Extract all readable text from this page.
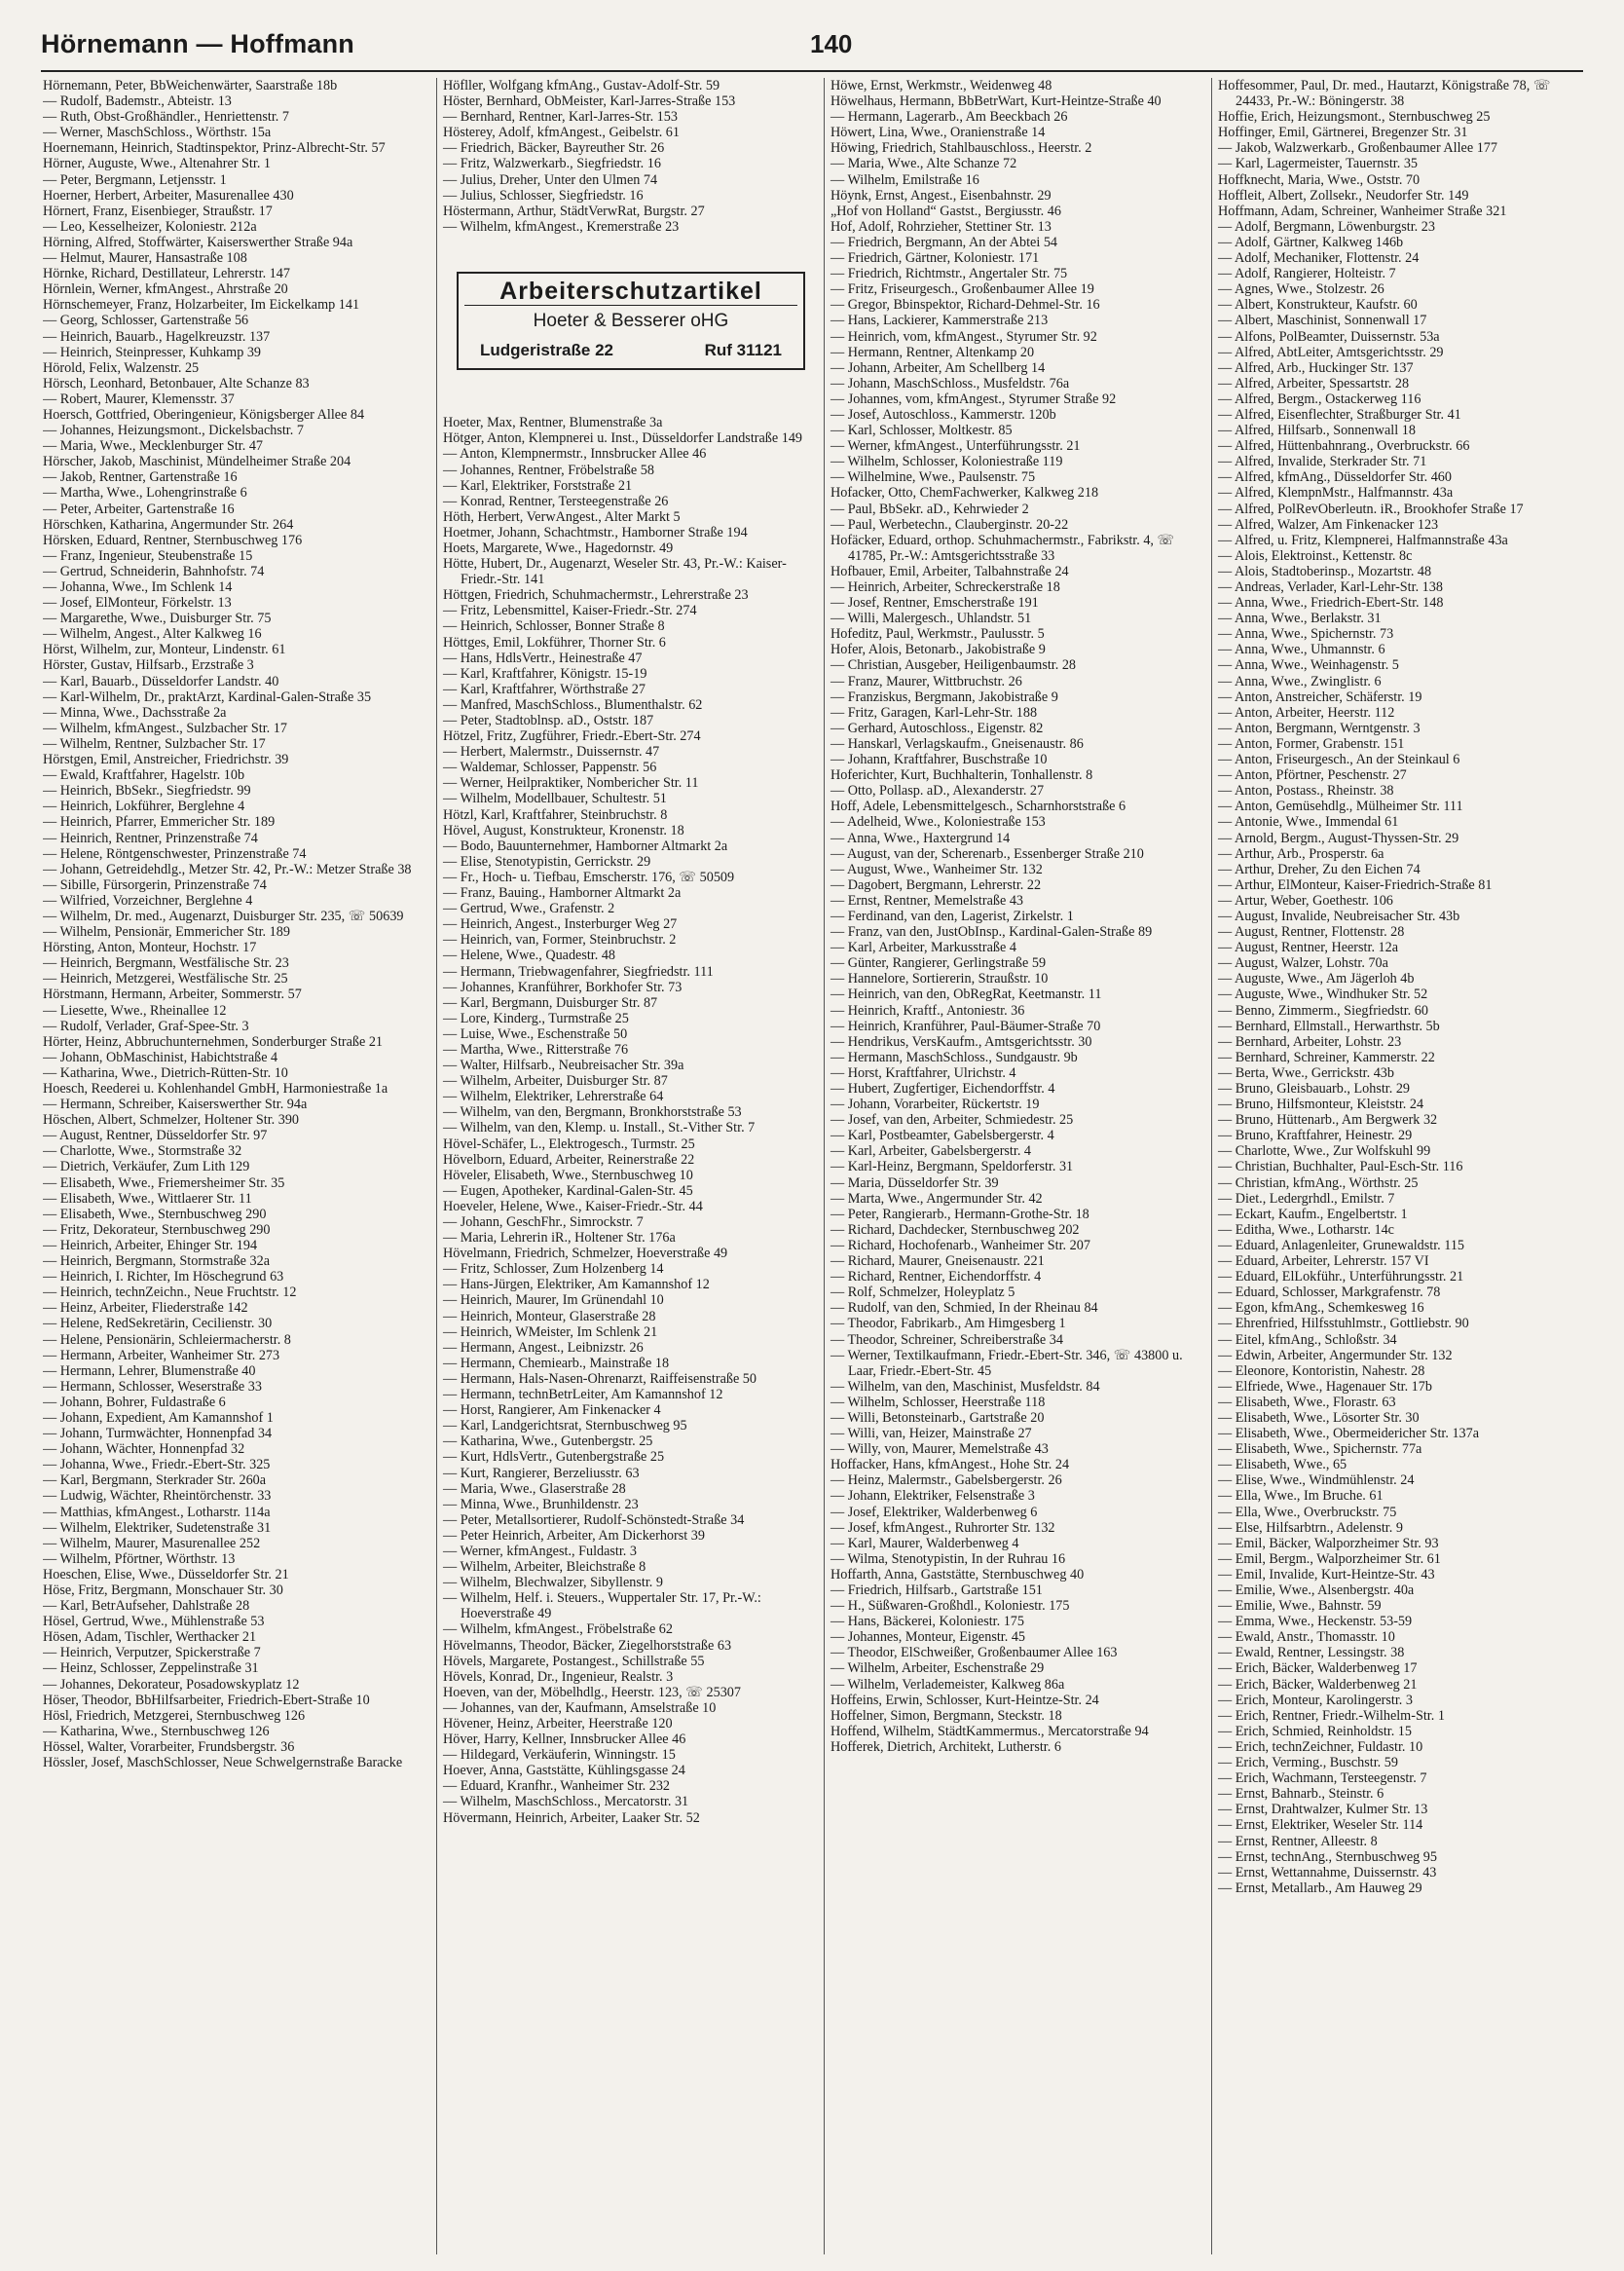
Hörnemann — Hoffmann	140
Hörnemann, Peter, BbWeichenwärter, Saarstraße 18b
— Rudolf, Bademstr., Abteistr. 13
— Ruth, Obst-Großhändler., Henriettenstr. 7
— Werner, MaschSchloss., Wörthstr. 15a
Hoernemann, Heinrich, Stadtinspektor, Prinz-Albrecht-Str. 57
Hörner, Auguste, Wwe., Altenahrer Str. 1
— Peter, Bergmann, Letjensstr. 1
Hoerner, Herbert, Arbeiter, Masurenallee 430
Hörnert, Franz, Eisenbieger, Straußstr. 17
— Leo, Kesselheizer, Koloniestr. 212a
Hörning, Alfred, Stoffwärter, Kaiserswerther Straße 94a
— Helmut, Maurer, Hansastraße 108
Hörnke, Richard, Destillateur, Lehrerstr. 147
Hörnlein, Werner, kfmAngest., Ahrstraße 20
Hörnschemeyer, Franz, Holzarbeiter, Im Eickelkamp 141
— Georg, Schlosser, Gartenstraße 56
— Heinrich, Bauarb., Hagelkreuzstr. 137
— Heinrich, Steinpresser, Kuhkamp 39
Hörold, Felix, Walzenstr. 25
Hörsch, Leonhard, Betonbauer, Alte Schanze 83
— Robert, Maurer, Klemensstr. 37
Hoersch, Gottfried, Oberingenieur, Königsberger Allee 84
— Johannes, Heizungsmont., Dickelsbachstr. 7
— Maria, Wwe., Mecklenburger Str. 47
Hörscher, Jakob, Maschinist, Mündelheimer Straße 204
— Jakob, Rentner, Gartenstraße 16
— Martha, Wwe., Lohengrinstraße 6
— Peter, Arbeiter, Gartenstraße 16
Hörschken, Katharina, Angermunder Str. 264
Hörsken, Eduard, Rentner, Sternbuschweg 176
— Franz, Ingenieur, Steubenstraße 15
— Gertrud, Schneiderin, Bahnhofstr. 74
— Johanna, Wwe., Im Schlenk 14
— Josef, ElMonteur, Förkelstr. 13
— Margarethe, Wwe., Duisburger Str. 75
— Wilhelm, Angest., Alter Kalkweg 16
Hörst, Wilhelm, zur, Monteur, Lindenstr. 61
Hörster, Gustav, Hilfsarb., Erzstraße 3
— Karl, Bauarb., Düsseldorfer Landstr. 40
— Karl-Wilhelm, Dr., praktArzt, Kardinal-Galen-Straße 35
— Minna, Wwe., Dachsstraße 2a
— Wilhelm, kfmAngest., Sulzbacher Str. 17
— Wilhelm, Rentner, Sulzbacher Str. 17
Hörstgen, Emil, Anstreicher, Friedrichstr. 39
— Ewald, Kraftfahrer, Hagelstr. 10b
— Heinrich, BbSekr., Siegfriedstr. 99
— Heinrich, Lokführer, Berglehne 4
— Heinrich, Pfarrer, Emmericher Str. 189
— Heinrich, Rentner, Prinzenstraße 74
— Helene, Röntgenschwester, Prinzenstraße 74
— Johann, Getreidehdlg., Metzer Str. 42, Pr.-W.: Metzer Straße 38
— Sibille, Fürsorgerin, Prinzenstraße 74
— Wilfried, Vorzeichner, Berglehne 4
— Wilhelm, Dr. med., Augenarzt, Duisburger Str. 235, ☏ 50639
— Wilhelm, Pensionär, Emmericher Str. 189
Hörsting, Anton, Monteur, Hochstr. 17
— Heinrich, Bergmann, Westfälische Str. 23
— Heinrich, Metzgerei, Westfälische Str. 25
Hörstmann, Hermann, Arbeiter, Sommerstr. 57
— Liesette, Wwe., Rheinallee 12
— Rudolf, Verlader, Graf-Spee-Str. 3
Hörter, Heinz, Abbruchunternehmen, Sonderburger Straße 21
— Johann, ObMaschinist, Habichtstraße 4
— Katharina, Wwe., Dietrich-Rütten-Str. 10
Hoesch, Reederei u. Kohlenhandel GmbH, Harmoniestraße 1a
— Hermann, Schreiber, Kaiserswerther Str. 94a
Höschen, Albert, Schmelzer, Holtener Str. 390
— August, Rentner, Düsseldorfer Str. 97
— Charlotte, Wwe., Stormstraße 32
— Dietrich, Verkäufer, Zum Lith 129
— Elisabeth, Wwe., Friemersheimer Str. 35
— Elisabeth, Wwe., Wittlaerer Str. 11
— Elisabeth, Wwe., Sternbuschweg 290
— Fritz, Dekorateur, Sternbuschweg 290
— Heinrich, Arbeiter, Ehinger Str. 194
— Heinrich, Bergmann, Stormstraße 32a
— Heinrich, I. Richter, Im Höschegrund 63
— Heinrich, technZeichn., Neue Fruchtstr. 12
— Heinz, Arbeiter, Fliederstraße 142
— Helene, RedSekretärin, Cecilienstr. 30
— Helene, Pensionärin, Schleiermacherstr. 8
— Hermann, Arbeiter, Wanheimer Str. 273
— Hermann, Lehrer, Blumenstraße 40
— Hermann, Schlosser, Weserstraße 33
— Johann, Bohrer, Fuldastraße 6
— Johann, Expedient, Am Kamannshof 1
— Johann, Turmwächter, Honnenpfad 34
— Johann, Wächter, Honnenpfad 32
— Johanna, Wwe., Friedr.-Ebert-Str. 325
— Karl, Bergmann, Sterkrader Str. 260a
— Ludwig, Wächter, Rheintörchenstr. 33
— Matthias, kfmAngest., Lotharstr. 114a
— Wilhelm, Elektriker, Sudetenstraße 31
— Wilhelm, Maurer, Masurenallee 252
— Wilhelm, Pförtner, Wörthstr. 13
Hoeschen, Elise, Wwe., Düsseldorfer Str. 21
Höse, Fritz, Bergmann, Monschauer Str. 30
— Karl, BetrAufseher, Dahlstraße 28
Hösel, Gertrud, Wwe., Mühlenstraße 53
Hösen, Adam, Tischler, Werthacker 21
— Heinrich, Verputzer, Spickerstraße 7
— Heinz, Schlosser, Zeppelinstraße 31
— Johannes, Dekorateur, Posadowskyplatz 12
Höser, Theodor, BbHilfsarbeiter, Friedrich-Ebert-Straße 10
Hösl, Friedrich, Metzgerei, Sternbuschweg 126
— Katharina, Wwe., Sternbuschweg 126
Hössel, Walter, Vorarbeiter, Frundsbergstr. 36
Hössler, Josef, MaschSchlosser, Neue Schwelgernstraße Baracke
Höfller, Wolfgang kfmAng., Gustav-Adolf-Str. 59
Höster, Bernhard, ObMeister, Karl-Jarres-Straße 153
— Bernhard, Rentner, Karl-Jarres-Str. 153
Hösterey, Adolf, kfmAngest., Geibelstr. 61
— Friedrich, Bäcker, Bayreuther Str. 26
— Fritz, Walzwerkarb., Siegfriedstr. 16
— Julius, Dreher, Unter den Ulmen 74
— Julius, Schlosser, Siegfriedstr. 16
Höstermann, Arthur, StädtVerwRat, Burgstr. 27
— Wilhelm, kfmAngest., Kremerstraße 23
Arbeiterschutzartikel
Hoeter & Besserer oHG
Ludgeristraße 22	Ruf 31121
Hoeter, Max, Rentner, Blumenstraße 3a
Hötger, Anton, Klempnerei u. Inst., Düsseldorfer Landstraße 149
— Anton, Klempnermstr., Innsbrucker Allee 46
— Johannes, Rentner, Fröbelstraße 58
— Karl, Elektriker, Forststraße 21
— Konrad, Rentner, Tersteegenstraße 26
Höth, Herbert, VerwAngest., Alter Markt 5
Hoetmer, Johann, Schachtmstr., Hamborner Straße 194
Hoets, Margarete, Wwe., Hagedornstr. 49
Hötte, Hubert, Dr., Augenarzt, Weseler Str. 43, Pr.-W.: Kaiser-Friedr.-Str. 141
Höttgen, Friedrich, Schuhmachermstr., Lehrerstraße 23
— Fritz, Lebensmittel, Kaiser-Friedr.-Str. 274
— Heinrich, Schlosser, Bonner Straße 8
Höttges, Emil, Lokführer, Thorner Str. 6
— Hans, HdlsVertr., Heinestraße 47
— Karl, Kraftfahrer, Königstr. 15-19
— Karl, Kraftfahrer, Wörthstraße 27
— Manfred, MaschSchloss., Blumenthalstr. 62
— Peter, Stadtoblnsp. aD., Oststr. 187
Hötzel, Fritz, Zugführer, Friedr.-Ebert-Str. 274
— Herbert, Malermstr., Duissernstr. 47
— Waldemar, Schlosser, Pappenstr. 56
— Werner, Heilpraktiker, Nombericher Str. 11
— Wilhelm, Modellbauer, Schultestr. 51
Hötzl, Karl, Kraftfahrer, Steinbruchstr. 8
Hövel, August, Konstrukteur, Kronenstr. 18
— Bodo, Bauunternehmer, Hamborner Altmarkt 2a
— Elise, Stenotypistin, Gerrickstr. 29
— Fr., Hoch- u. Tiefbau, Emscherstr. 176, ☏ 50509
— Franz, Bauing., Hamborner Altmarkt 2a
— Gertrud, Wwe., Grafenstr. 2
— Heinrich, Angest., Insterburger Weg 27
— Heinrich, van, Former, Steinbruchstr. 2
— Helene, Wwe., Quadestr. 48
— Hermann, Triebwagenfahrer, Siegfriedstr. 111
— Johannes, Kranführer, Borkhofer Str. 73
— Karl, Bergmann, Duisburger Str. 87
— Lore, Kinderg., Turmstraße 25
— Luise, Wwe., Eschenstraße 50
— Martha, Wwe., Ritterstraße 76
— Walter, Hilfsarb., Neubreisacher Str. 39a
— Wilhelm, Arbeiter, Duisburger Str. 87
— Wilhelm, Elektriker, Lehrerstraße 64
— Wilhelm, van den, Bergmann, Bronkhorststraße 53
— Wilhelm, van den, Klemp. u. Install., St.-Vither Str. 7
Hövel-Schäfer, L., Elektrogesch., Turmstr. 25
Hövelborn, Eduard, Arbeiter, Reinerstraße 22
Höveler, Elisabeth, Wwe., Sternbuschweg 10
— Eugen, Apotheker, Kardinal-Galen-Str. 45
Hoeveler, Helene, Wwe., Kaiser-Friedr.-Str. 44
— Johann, GeschFhr., Simrockstr. 7
— Maria, Lehrerin iR., Holtener Str. 176a
Hövelmann, Friedrich, Schmelzer, Hoeverstraße 49
— Fritz, Schlosser, Zum Holzenberg 14
— Hans-Jürgen, Elektriker, Am Kamannshof 12
— Heinrich, Maurer, Im Grünendahl 10
— Heinrich, Monteur, Glaserstraße 28
— Heinrich, WMeister, Im Schlenk 21
— Hermann, Angest., Leibnizstr. 26
— Hermann, Chemiearb., Mainstraße 18
— Hermann, Hals-Nasen-Ohrenarzt, Raiffeisenstraße 50
— Hermann, technBetrLeiter, Am Kamannshof 12
— Horst, Rangierer, Am Finkenacker 4
— Karl, Landgerichtsrat, Sternbuschweg 95
— Katharina, Wwe., Gutenbergstr. 25
— Kurt, HdlsVertr., Gutenbergstraße 25
— Kurt, Rangierer, Berzeliusstr. 63
— Maria, Wwe., Glaserstraße 28
— Minna, Wwe., Brunhildenstr. 23
— Peter, Metallsortierer, Rudolf-Schönstedt-Straße 34
— Peter Heinrich, Arbeiter, Am Dickerhorst 39
— Werner, kfmAngest., Fuldastr. 3
— Wilhelm, Arbeiter, Bleichstraße 8
— Wilhelm, Blechwalzer, Sibyllenstr. 9
— Wilhelm, Helf. i. Steuers., Wuppertaler Str. 17, Pr.-W.: Hoeverstraße 49
— Wilhelm, kfmAngest., Fröbelstraße 62
Hövelmanns, Theodor, Bäcker, Ziegelhorststraße 63
Hövels, Margarete, Postangest., Schillstraße 55
Hövels, Konrad, Dr., Ingenieur, Realstr. 3
Hoeven, van der, Möbelhdlg., Heerstr. 123, ☏ 25307
— Johannes, van der, Kaufmann, Amselstraße 10
Hövener, Heinz, Arbeiter, Heerstraße 120
Höver, Harry, Kellner, Innsbrucker Allee 46
— Hildegard, Verkäuferin, Winningstr. 15
Hoever, Anna, Gaststätte, Kühlingsgasse 24
— Eduard, Kranfhr., Wanheimer Str. 232
— Wilhelm, MaschSchloss., Mercatorstr. 31
Hövermann, Heinrich, Arbeiter, Laaker Str. 52
Höwe, Ernst, Werkmstr., Weidenweg 48
Höwelhaus, Hermann, BbBetrWart, Kurt-Heintze-Straße 40
— Hermann, Lagerarb., Am Beeckbach 26
Höwert, Lina, Wwe., Oranienstraße 14
Höwing, Friedrich, Stahlbauschloss., Heerstr. 2
— Maria, Wwe., Alte Schanze 72
— Wilhelm, Emilstraße 16
Höynk, Ernst, Angest., Eisenbahnstr. 29
„Hof von Holland“ Gastst., Bergiusstr. 46
Hof, Adolf, Rohrzieher, Stettiner Str. 13
— Friedrich, Bergmann, An der Abtei 54
— Friedrich, Gärtner, Koloniestr. 171
— Friedrich, Richtmstr., Angertaler Str. 75
— Fritz, Friseurgesch., Großenbaumer Allee 19
— Gregor, Bbinspektor, Richard-Dehmel-Str. 16
— Hans, Lackierer, Kammerstraße 213
— Heinrich, vom, kfmAngest., Styrumer Str. 92
— Hermann, Rentner, Altenkamp 20
— Johann, Arbeiter, Am Schellberg 14
— Johann, MaschSchloss., Musfeldstr. 76a
— Johannes, vom, kfmAngest., Styrumer Straße 92
— Josef, Autoschloss., Kammerstr. 120b
— Karl, Schlosser, Moltkestr. 85
— Werner, kfmAngest., Unterführungsstr. 21
— Wilhelm, Schlosser, Koloniestraße 119
— Wilhelmine, Wwe., Paulsenstr. 75
Hofacker, Otto, ChemFachwerker, Kalkweg 218
— Paul, BbSekr. aD., Kehrwieder 2
— Paul, Werbetechn., Clauberginstr. 20-22
Hofäcker, Eduard, orthop. Schuhmachermstr., Fabrikstr. 4, ☏ 41785, Pr.-W.: Amtsgerichtsstraße 33
Hofbauer, Emil, Arbeiter, Talbahnstraße 24
— Heinrich, Arbeiter, Schreckerstraße 18
— Josef, Rentner, Emscherstraße 191
— Willi, Malergesch., Uhlandstr. 51
Hofeditz, Paul, Werkmstr., Paulusstr. 5
Hofer, Alois, Betonarb., Jakobistraße 9
— Christian, Ausgeber, Heiligenbaumstr. 28
— Franz, Maurer, Wittbruchstr. 26
— Franziskus, Bergmann, Jakobistraße 9
— Fritz, Garagen, Karl-Lehr-Str. 188
— Gerhard, Autoschloss., Eigenstr. 82
— Hanskarl, Verlagskaufm., Gneisenaustr. 86
— Johann, Kraftfahrer, Buschstraße 10
Hoferichter, Kurt, Buchhalterin, Tonhallenstr. 8
— Otto, Pollasp. aD., Alexanderstr. 27
Hoff, Adele, Lebensmittelgesch., Scharnhorststraße 6
— Adelheid, Wwe., Koloniestraße 153
— Anna, Wwe., Haxtergrund 14
— August, van der, Scherenarb., Essenberger Straße 210
— August, Wwe., Wanheimer Str. 132
— Dagobert, Bergmann, Lehrerstr. 22
— Ernst, Rentner, Memelstraße 43
— Ferdinand, van den, Lagerist, Zirkelstr. 1
— Franz, van den, JustObInsp., Kardinal-Galen-Straße 89
— Karl, Arbeiter, Markusstraße 4
— Günter, Rangierer, Gerlingstraße 59
— Hannelore, Sortiererin, Straußstr. 10
— Heinrich, van den, ObRegRat, Keetmanstr. 11
— Heinrich, Kraftf., Antoniestr. 36
— Heinrich, Kranführer, Paul-Bäumer-Straße 70
— Hendrikus, VersKaufm., Amtsgerichtsstr. 30
— Hermann, MaschSchloss., Sundgaustr. 9b
— Horst, Kraftfahrer, Ulrichstr. 4
— Hubert, Zugfertiger, Eichendorffstr. 4
— Johann, Vorarbeiter, Rückertstr. 19
— Josef, van den, Arbeiter, Schmiedestr. 25
— Karl, Postbeamter, Gabelsbergerstr. 4
— Karl, Arbeiter, Gabelsbergerstr. 4
— Karl-Heinz, Bergmann, Speldorferstr. 31
— Maria, Düsseldorfer Str. 39
— Marta, Wwe., Angermunder Str. 42
— Peter, Rangierarb., Hermann-Grothe-Str. 18
— Richard, Dachdecker, Sternbuschweg 202
— Richard, Hochofenarb., Wanheimer Str. 207
— Richard, Maurer, Gneisenaustr. 221
— Richard, Rentner, Eichendorffstr. 4
— Rolf, Schmelzer, Holeyplatz 5
— Rudolf, van den, Schmied, In der Rheinau 84
— Theodor, Fabrikarb., Am Himgesberg 1
— Theodor, Schreiner, Schreiberstraße 34
— Werner, Textilkaufmann, Friedr.-Ebert-Str. 346, ☏ 43800 u. Laar, Friedr.-Ebert-Str. 45
— Wilhelm, van den, Maschinist, Musfeldstr. 84
— Wilhelm, Schlosser, Heerstraße 118
— Willi, Betonsteinarb., Gartstraße 20
— Willi, van, Heizer, Mainstraße 27
— Willy, von, Maurer, Memelstraße 43
Hoffacker, Hans, kfmAngest., Hohe Str. 24
— Heinz, Malermstr., Gabelsbergerstr. 26
— Johann, Elektriker, Felsenstraße 3
— Josef, Elektriker, Walderbenweg 6
— Josef, kfmAngest., Ruhrorter Str. 132
— Karl, Maurer, Walderbenweg 4
— Wilma, Stenotypistin, In der Ruhrau 16
Hoffarth, Anna, Gaststätte, Sternbuschweg 40
— Friedrich, Hilfsarb., Gartstraße 151
— H., Süßwaren-Großhdl., Koloniestr. 175
— Hans, Bäckerei, Koloniestr. 175
— Johannes, Monteur, Eigenstr. 45
— Theodor, ElSchweißer, Großenbaumer Allee 163
— Wilhelm, Arbeiter, Eschenstraße 29
— Wilhelm, Verlademeister, Kalkweg 86a
Hoffeins, Erwin, Schlosser, Kurt-Heintze-Str. 24
Hoffelner, Simon, Bergmann, Steckstr. 18
Hoffend, Wilhelm, StädtKammermus., Mercatorstraße 94
Hofferek, Dietrich, Architekt, Lutherstr. 6
Hoffesommer, Paul, Dr. med., Hautarzt, Königstraße 78, ☏ 24433, Pr.-W.: Böningerstr. 38
Hoffie, Erich, Heizungsmont., Sternbuschweg 25
Hoffinger, Emil, Gärtnerei, Bregenzer Str. 31
— Jakob, Walzwerkarb., Großenbaumer Allee 177
— Karl, Lagermeister, Tauernstr. 35
Hoffknecht, Maria, Wwe., Oststr. 70
Hoffleit, Albert, Zollsekr., Neudorfer Str. 149
Hoffmann, Adam, Schreiner, Wanheimer Straße 321
— Adolf, Bergmann, Löwenburgstr. 23
— Adolf, Gärtner, Kalkweg 146b
— Adolf, Mechaniker, Flottenstr. 24
— Adolf, Rangierer, Holteistr. 7
— Agnes, Wwe., Stolzestr. 26
— Albert, Konstrukteur, Kaufstr. 60
— Albert, Maschinist, Sonnenwall 17
— Alfons, PolBeamter, Duissernstr. 53a
— Alfred, AbtLeiter, Amtsgerichtsstr. 29
— Alfred, Arb., Huckinger Str. 137
— Alfred, Arbeiter, Spessartstr. 28
— Alfred, Bergm., Ostackerweg 116
— Alfred, Eisenflechter, Straßburger Str. 41
— Alfred, Hilfsarb., Sonnenwall 18
— Alfred, Hüttenbahnrang., Overbruckstr. 66
— Alfred, Invalide, Sterkrader Str. 71
— Alfred, kfmAng., Düsseldorfer Str. 460
— Alfred, KlempnMstr., Halfmannstr. 43a
— Alfred, PolRevOberleutn. iR., Brookhofer Straße 17
— Alfred, Walzer, Am Finkenacker 123
— Alfred, u. Fritz, Klempnerei, Halfmannstraße 43a
— Alois, Elektroinst., Kettenstr. 8c
— Alois, Stadtoberinsp., Mozartstr. 48
— Andreas, Verlader, Karl-Lehr-Str. 138
— Anna, Wwe., Friedrich-Ebert-Str. 148
— Anna, Wwe., Berlakstr. 31
— Anna, Wwe., Spichernstr. 73
— Anna, Wwe., Uhmannstr. 6
— Anna, Wwe., Weinhagenstr. 5
— Anna, Wwe., Zwinglistr. 6
— Anton, Anstreicher, Schäferstr. 19
— Anton, Arbeiter, Heerstr. 112
— Anton, Bergmann, Werntgenstr. 3
— Anton, Former, Grabenstr. 151
— Anton, Friseurgesch., An der Steinkaul 6
— Anton, Pförtner, Peschenstr. 27
— Anton, Postass., Rheinstr. 38
— Anton, Gemüsehdlg., Mülheimer Str. 111
— Antonie, Wwe., Immendal 61
— Arnold, Bergm., August-Thyssen-Str. 29
— Arthur, Arb., Prosperstr. 6a
— Arthur, Dreher, Zu den Eichen 74
— Arthur, ElMonteur, Kaiser-Friedrich-Straße 81
— Artur, Weber, Goethestr. 106
— August, Invalide, Neubreisacher Str. 43b
— August, Rentner, Flottenstr. 28
— August, Rentner, Heerstr. 12a
— August, Walzer, Lohstr. 70a
— Auguste, Wwe., Am Jägerloh 4b
— Auguste, Wwe., Windhuker Str. 52
— Benno, Zimmerm., Siegfriedstr. 60
— Bernhard, Ellmstall., Herwarthstr. 5b
— Bernhard, Arbeiter, Lohstr. 23
— Bernhard, Schreiner, Kammerstr. 22
— Berta, Wwe., Gerrickstr. 43b
— Bruno, Gleisbauarb., Lohstr. 29
— Bruno, Hilfsmonteur, Kleiststr. 24
— Bruno, Hüttenarb., Am Bergwerk 32
— Bruno, Kraftfahrer, Heinestr. 29
— Charlotte, Wwe., Zur Wolfskuhl 99
— Christian, Buchhalter, Paul-Esch-Str. 116
— Christian, kfmAng., Wörthstr. 25
— Diet., Ledergrhdl., Emilstr. 7
— Eckart, Kaufm., Engelbertstr. 1
— Editha, Wwe., Lotharstr. 14c
— Eduard, Anlagenleiter, Grunewaldstr. 115
— Eduard, Arbeiter, Lehrerstr. 157 VI
— Eduard, ElLokführ., Unterführungsstr. 21
— Eduard, Schlosser, Markgrafenstr. 78
— Egon, kfmAng., Schemkesweg 16
— Ehrenfried, Hilfsstuhlmstr., Gottliebstr. 90
— Eitel, kfmAng., Schloßstr. 34
— Edwin, Arbeiter, Angermunder Str. 132
— Eleonore, Kontoristin, Nahestr. 28
— Elfriede, Wwe., Hagenauer Str. 17b
— Elisabeth, Wwe., Florastr. 63
— Elisabeth, Wwe., Lösorter Str. 30
— Elisabeth, Wwe., Obermeidericher Str. 137a
— Elisabeth, Wwe., Spichernstr. 77a
— Elisabeth, Wwe., 65
— Elise, Wwe., Windmühlenstr. 24
— Ella, Wwe., Im Bruche. 61
— Ella, Wwe., Overbruckstr. 75
— Else, Hilfsarbtrn., Adelenstr. 9
— Emil, Bäcker, Walporzheimer Str. 93
— Emil, Bergm., Walporzheimer Str. 61
— Emil, Invalide, Kurt-Heintze-Str. 43
— Emilie, Wwe., Alsenbergstr. 40a
— Emilie, Wwe., Bahnstr. 59
— Emma, Wwe., Heckenstr. 53-59
— Ewald, Anstr., Thomasstr. 10
— Ewald, Rentner, Lessingstr. 38
— Erich, Bäcker, Walderbenweg 17
— Erich, Bäcker, Walderbenweg 21
— Erich, Monteur, Karolingerstr. 3
— Erich, Rentner, Friedr.-Wilhelm-Str. 1
— Erich, Schmied, Reinholdstr. 15
— Erich, technZeichner, Fuldastr. 10
— Erich, Verming., Buschstr. 59
— Erich, Wachmann, Tersteegenstr. 7
— Ernst, Bahnarb., Steinstr. 6
— Ernst, Drahtwalzer, Kulmer Str. 13
— Ernst, Elektriker, Weseler Str. 114
— Ernst, Rentner, Alleestr. 8
— Ernst, technAng., Sternbuschweg 95
— Ernst, Wettannahme, Duissernstr. 43
— Ernst, Metallarb., Am Hauweg 29
